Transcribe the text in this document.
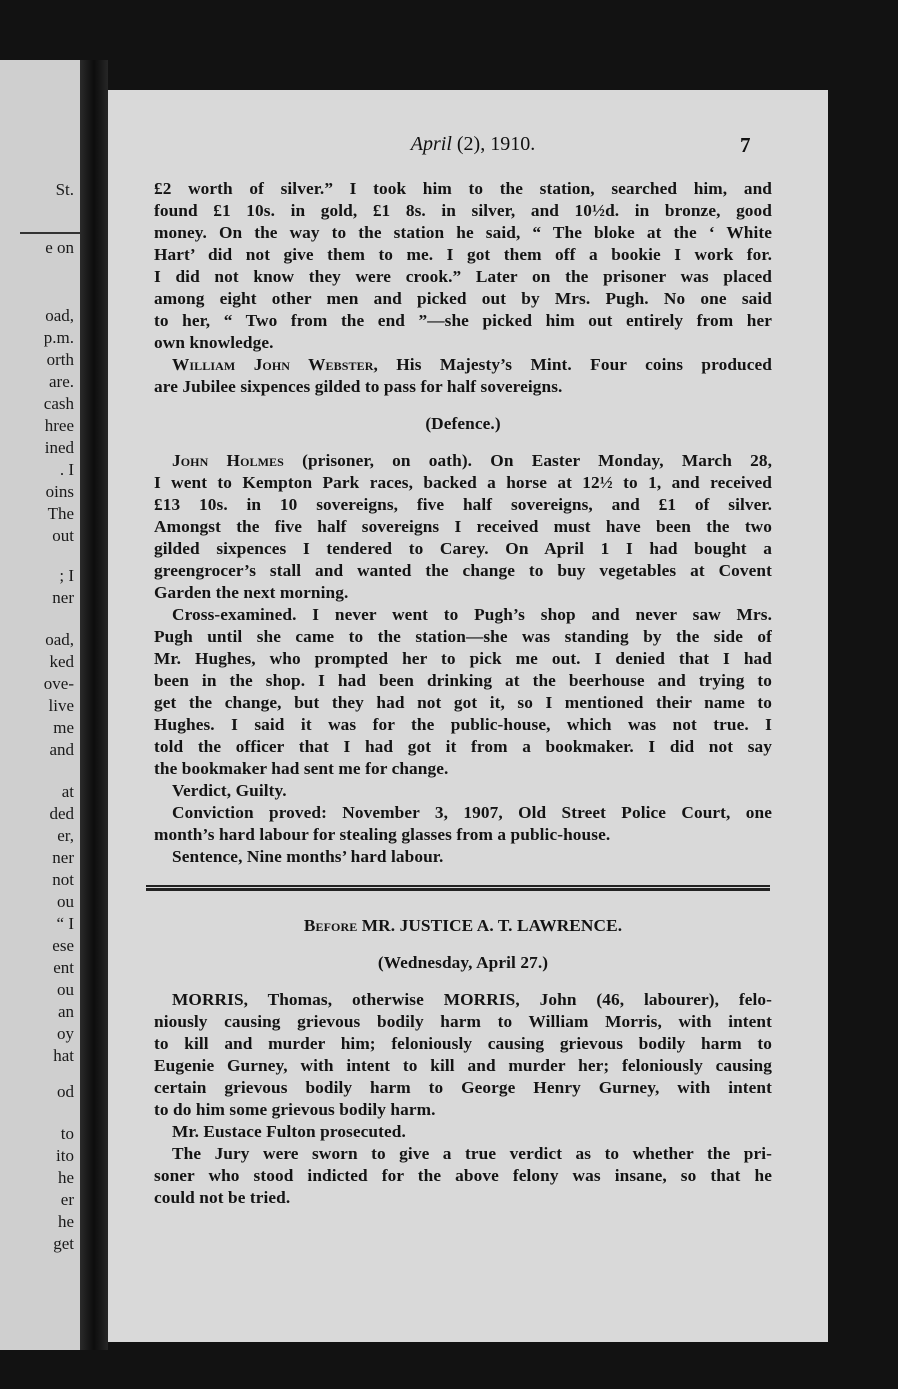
St.
e on
oad,
p.m.
orth
are.
cash
hree
ined
. I
oins
The
out
; I
ner
oad,
ked
ove-
live
me
and
at
ded
er,
ner
not
ou
“ I
ese
ent
ou
an
oy
hat
od
to
ito
he
er
he
get
April (2), 1910.	7
£2 worth of silver.” I took him to the station, searched him, and
found £1 10s. in gold, £1 8s. in silver, and 10½d. in bronze, good
money. On the way to the station he said, “ The bloke at the ‘ White
Hart’ did not give them to me. I got them off a bookie I work for.
I did not know they were crook.” Later on the prisoner was placed
among eight other men and picked out by Mrs. Pugh. No one said
to her, “ Two from the end ”—she picked him out entirely from her
own knowledge.
William John Webster, His Majesty’s Mint. Four coins produced
are Jubilee sixpences gilded to pass for half sovereigns.
(Defence.)
John Holmes (prisoner, on oath). On Easter Monday, March 28,
I went to Kempton Park races, backed a horse at 12½ to 1, and received
£13 10s. in 10 sovereigns, five half sovereigns, and £1 of silver.
Amongst the five half sovereigns I received must have been the two
gilded sixpences I tendered to Carey. On April 1 I had bought a
greengrocer’s stall and wanted the change to buy vegetables at Covent
Garden the next morning.
Cross-examined. I never went to Pugh’s shop and never saw Mrs.
Pugh until she came to the station—she was standing by the side of
Mr. Hughes, who prompted her to pick me out. I denied that I had
been in the shop. I had been drinking at the beerhouse and trying to
get the change, but they had not got it, so I mentioned their name to
Hughes. I said it was for the public-house, which was not true. I
told the officer that I had got it from a bookmaker. I did not say
the bookmaker had sent me for change.
Verdict, Guilty.
Conviction proved: November 3, 1907, Old Street Police Court, one
month’s hard labour for stealing glasses from a public-house.
Sentence, Nine months’ hard labour.
Before MR. JUSTICE A. T. LAWRENCE.
(Wednesday, April 27.)
MORRIS, Thomas, otherwise MORRIS, John (46, labourer), felo-
niously causing grievous bodily harm to William Morris, with intent
to kill and murder him; feloniously causing grievous bodily harm to
Eugenie Gurney, with intent to kill and murder her; feloniously causing
certain grievous bodily harm to George Henry Gurney, with intent
to do him some grievous bodily harm.
Mr. Eustace Fulton prosecuted.
The Jury were sworn to give a true verdict as to whether the pri-
soner who stood indicted for the above felony was insane, so that he
could not be tried.
